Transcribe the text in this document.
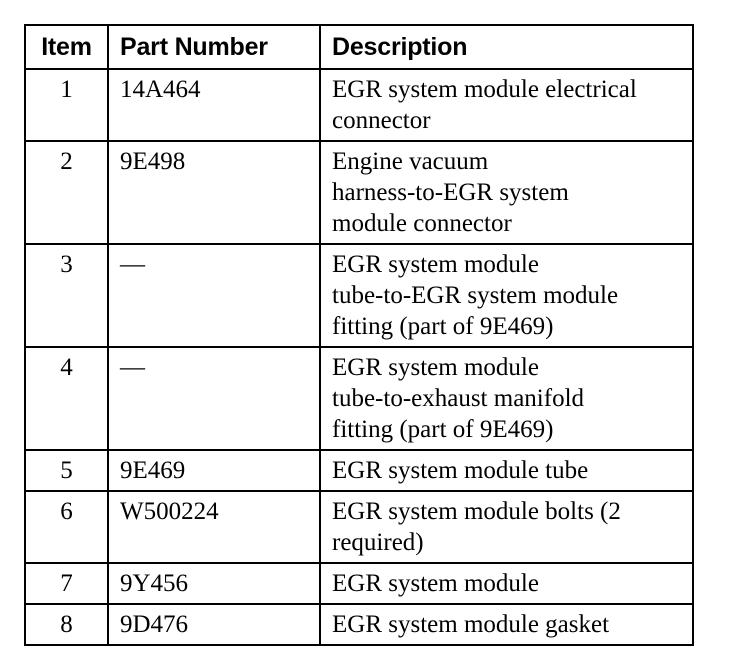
Item	Part Number	Description
1	14A464	EGR system module electrical
connector
2	9E498	Engine vacuum
harness-to-EGR system
module connector
3	—	EGR system module
tube-to-EGR system module
fitting (part of 9E469)
4	—	EGR system module
tube-to-exhaust manifold
fitting (part of 9E469)
5	9E469	EGR system module tube
6	W500224	EGR system module bolts (2
required)
7	9Y456	EGR system module
8	9D476	EGR system module gasket
